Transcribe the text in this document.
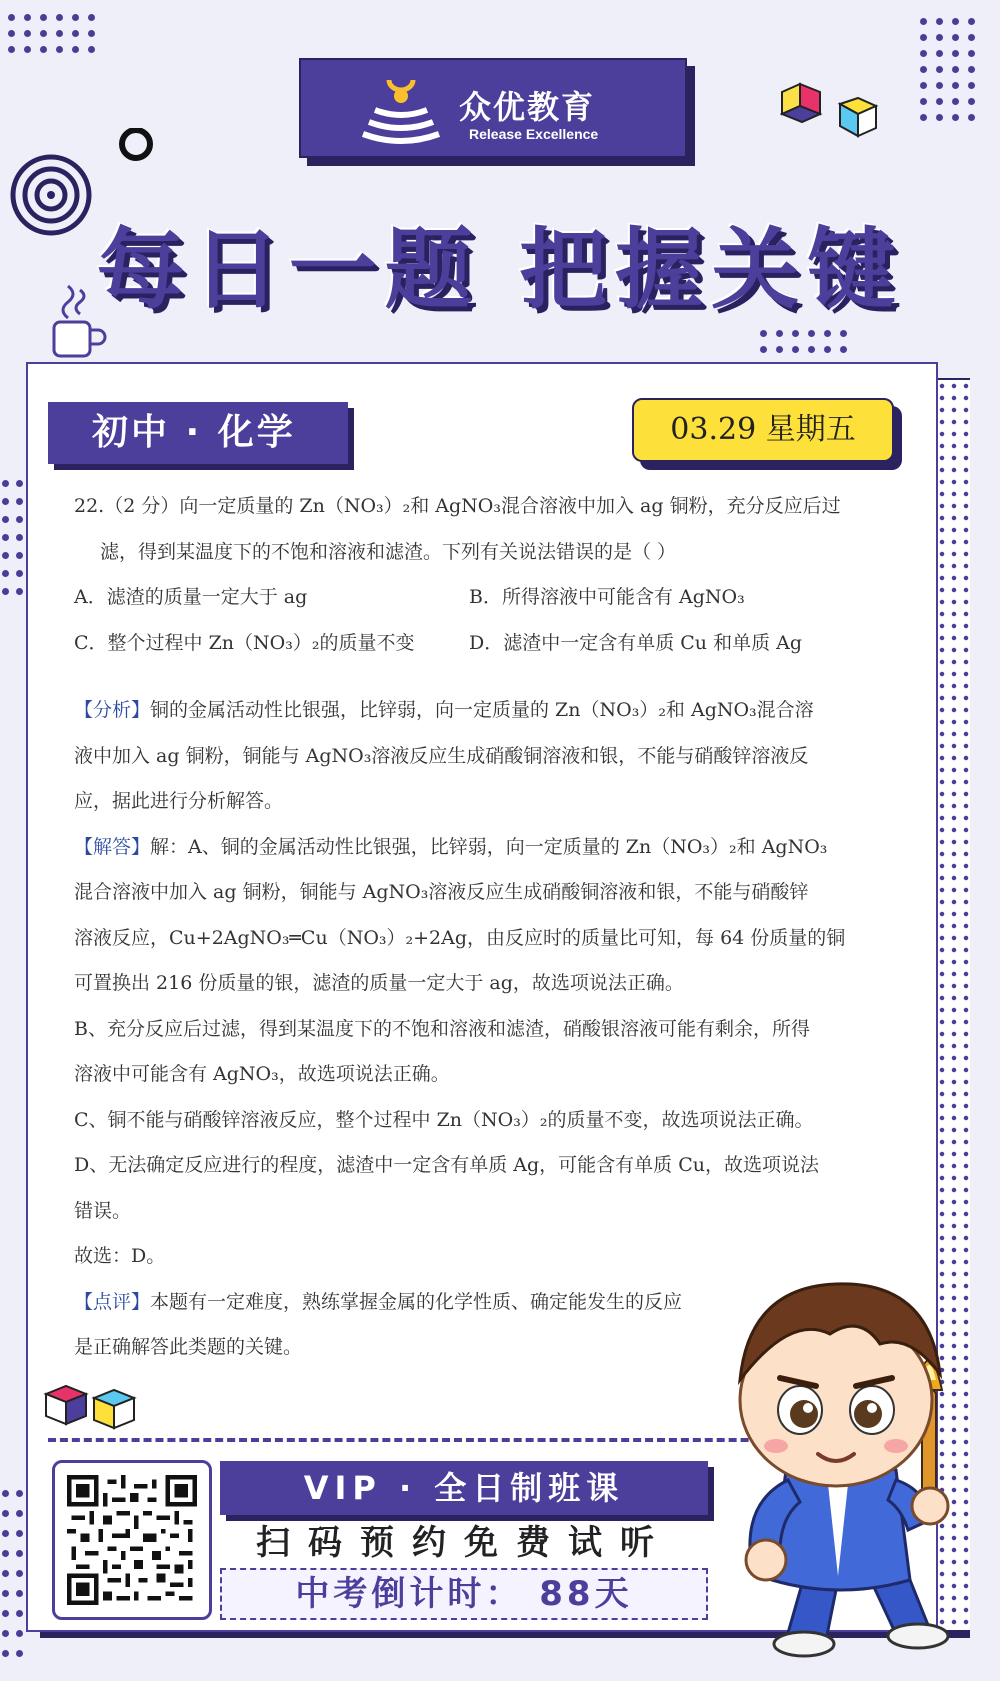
众优教育
Release Excellence
每日一题 把握关键
初中 · 化学	03.29 星期五

22.（2 分）向一定质量的 Zn（NO₃）₂和 AgNO₃混合溶液中加入 ag 铜粉，充分反应后过

滤，得到某温度下的不饱和溶液和滤渣。下列有关说法错误的是（ ）

A．滤渣的质量一定大于 ag	B．所得溶液中可能含有 AgNO₃

C．整个过程中 Zn（NO₃）₂的质量不变	D．滤渣中一定含有单质 Cu 和单质 Ag

【分析】铜的金属活动性比银强，比锌弱，向一定质量的 Zn（NO₃）₂和 AgNO₃混合溶

液中加入 ag 铜粉，铜能与 AgNO₃溶液反应生成硝酸铜溶液和银，不能与硝酸锌溶液反

应，据此进行分析解答。

【解答】解：A、铜的金属活动性比银强，比锌弱，向一定质量的 Zn（NO₃）₂和 AgNO₃

混合溶液中加入 ag 铜粉，铜能与 AgNO₃溶液反应生成硝酸铜溶液和银，不能与硝酸锌

溶液反应，Cu+2AgNO₃═Cu（NO₃）₂+2Ag，由反应时的质量比可知，每 64 份质量的铜

可置换出 216 份质量的银，滤渣的质量一定大于 ag，故选项说法正确。

B、充分反应后过滤，得到某温度下的不饱和溶液和滤渣，硝酸银溶液可能有剩余，所得

溶液中可能含有 AgNO₃，故选项说法正确。

C、铜不能与硝酸锌溶液反应，整个过程中 Zn（NO₃）₂的质量不变，故选项说法正确。

D、无法确定反应进行的程度，滤渣中一定含有单质 Ag，可能含有单质 Cu，故选项说法

错误。

故选：D。

【点评】本题有一定难度，熟练掌握金属的化学性质、确定能发生的反应

是正确解答此类题的关键。

VIP · 全日制班课
扫码预约免费试听
中考倒计时： 88天
